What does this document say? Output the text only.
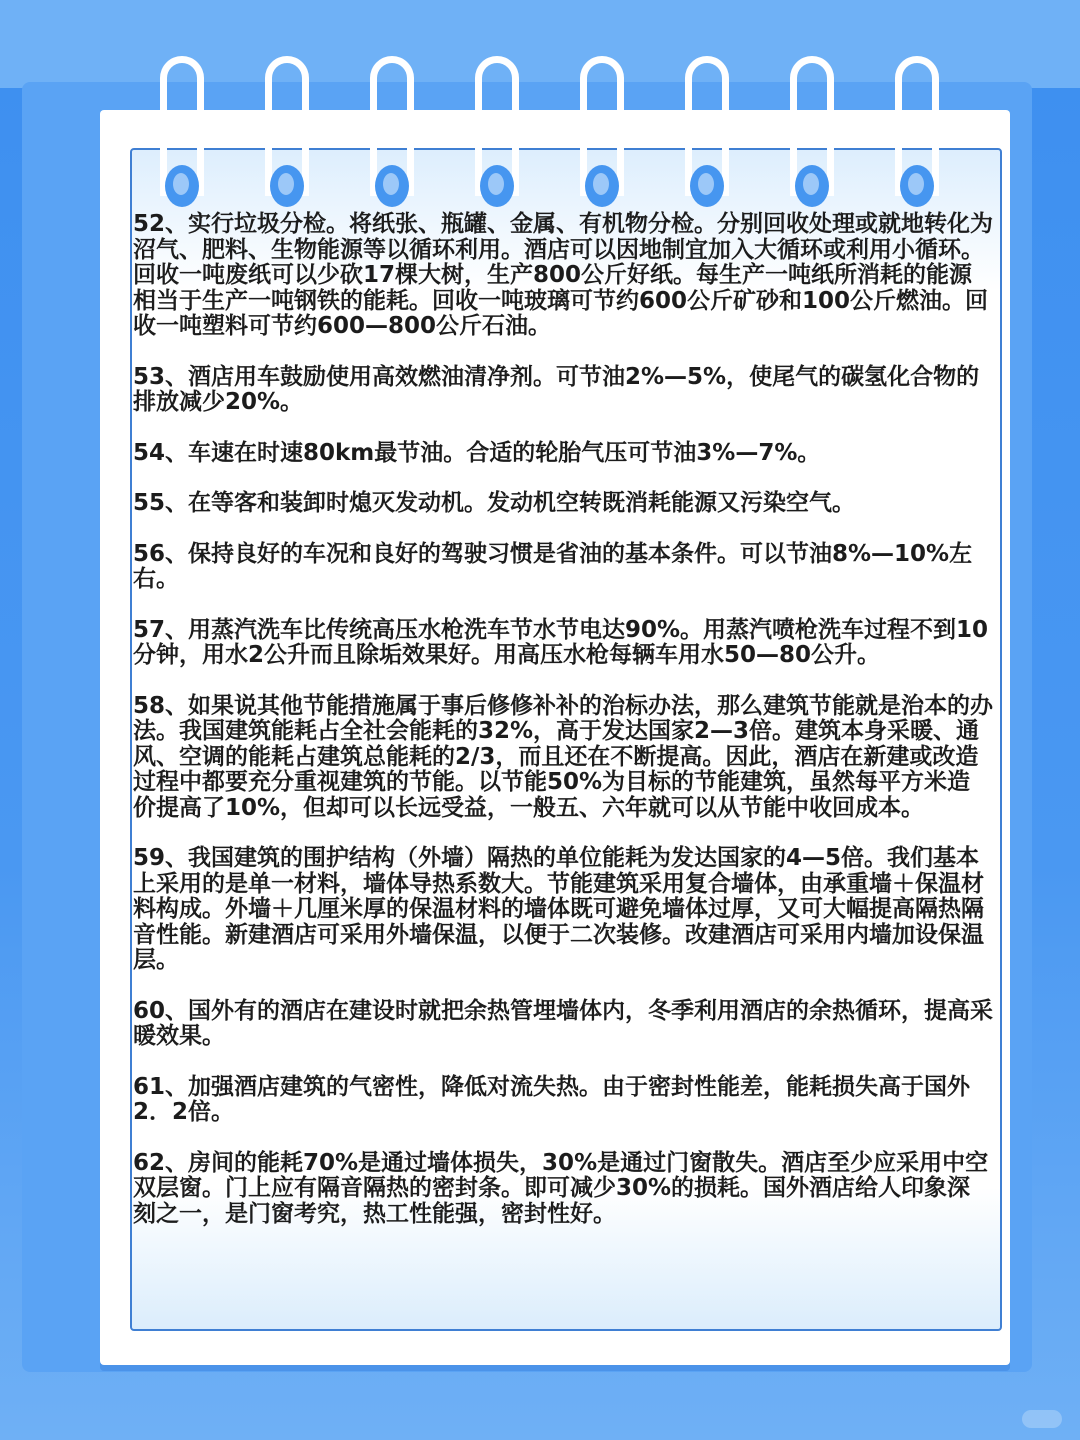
52、实行垃圾分检。将纸张、瓶罐、金属、有机物分检。分别回收处理或就地转化为沼气、肥料、生物能源等以循环利用。酒店可以因地制宜加入大循环或利用小循环。回收一吨废纸可以少砍17棵大树，生产800公斤好纸。每生产一吨纸所消耗的能源相当于生产一吨钢铁的能耗。回收一吨玻璃可节约600公斤矿砂和100公斤燃油。回收一吨塑料可节约600—800公斤石油。

53、酒店用车鼓励使用高效燃油清净剂。可节油2%—5%，使尾气的碳氢化合物的排放减少20%。

54、车速在时速80km最节油。合适的轮胎气压可节油3%—7%。

55、在等客和装卸时熄灭发动机。发动机空转既消耗能源又污染空气。

56、保持良好的车况和良好的驾驶习惯是省油的基本条件。可以节油8%—10%左右。

57、用蒸汽洗车比传统高压水枪洗车节水节电达90%。用蒸汽喷枪洗车过程不到10分钟，用水2公升而且除垢效果好。用高压水枪每辆车用水50—80公升。

58、如果说其他节能措施属于事后修修补补的治标办法，那么建筑节能就是治本的办法。我国建筑能耗占全社会能耗的32%，高于发达国家2—3倍。建筑本身采暖、通风、空调的能耗占建筑总能耗的2/3，而且还在不断提高。因此，酒店在新建或改造过程中都要充分重视建筑的节能。以节能50%为目标的节能建筑，虽然每平方米造价提高了10%，但却可以长远受益，一般五、六年就可以从节能中收回成本。

59、我国建筑的围护结构（外墙）隔热的单位能耗为发达国家的4—5倍。我们基本上采用的是单一材料，墙体导热系数大。节能建筑采用复合墙体，由承重墙＋保温材料构成。外墙＋几厘米厚的保温材料的墙体既可避免墙体过厚，又可大幅提高隔热隔音性能。新建酒店可采用外墙保温，以便于二次装修。改建酒店可采用内墙加设保温层。

60、国外有的酒店在建设时就把余热管埋墙体内，冬季利用酒店的余热循环，提高采暖效果。

61、加强酒店建筑的气密性，降低对流失热。由于密封性能差，能耗损失高于国外2．2倍。

62、房间的能耗70%是通过墙体损失，30%是通过门窗散失。酒店至少应采用中空双层窗。门上应有隔音隔热的密封条。即可减少30%的损耗。国外酒店给人印象深刻之一，是门窗考究，热工性能强，密封性好。
